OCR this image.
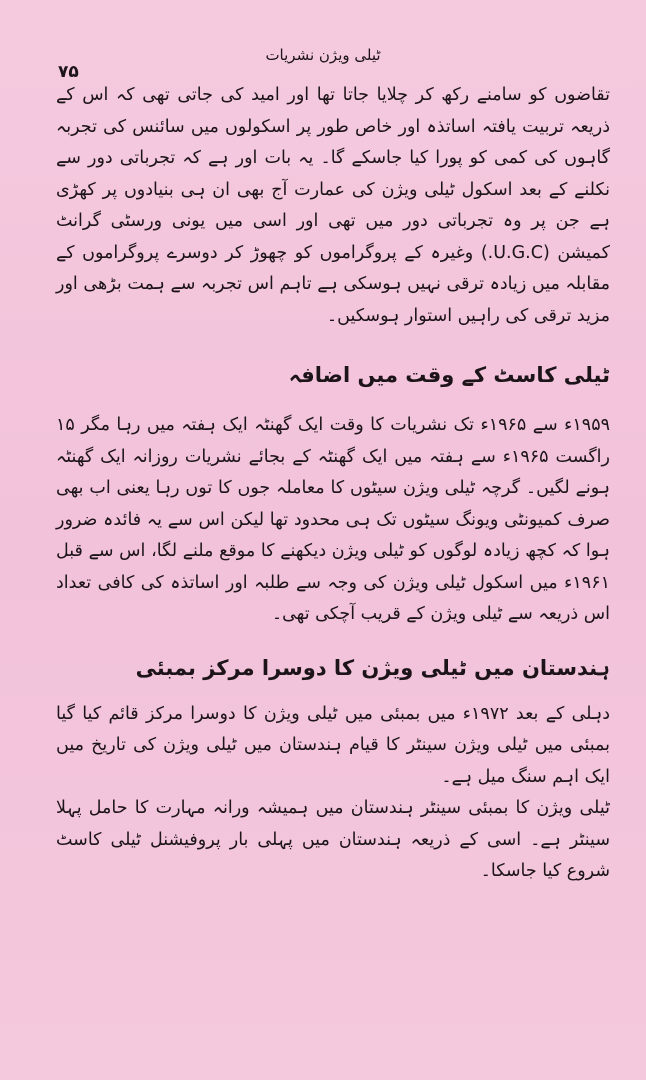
ٹیلی ویژن نشریات
۷۵

تقاضوں کو سامنے رکھ کر چلایا جاتا تھا اور امید کی جاتی تھی کہ اس کے ذریعہ تربیت یافتہ اساتذہ اور خاص طور پر اسکولوں میں سائنس کی تجربہ گاہوں کی کمی کو پورا کیا جاسکے گا۔ یہ بات اور ہے کہ تجرباتی دور سے نکلنے کے بعد اسکول ٹیلی ویژن کی عمارت آج بھی ان ہی بنیادوں پر کھڑی ہے جن پر وہ تجرباتی دور میں تھی اور اسی میں یونی ورسٹی گرانٹ کمیشن (U.G.C.) وغیرہ کے پروگراموں کو چھوڑ کر دوسرے پروگراموں کے مقابلہ میں زیادہ ترقی نہیں ہوسکی ہے تاہم اس تجربہ سے ہمت بڑھی اور مزید ترقی کی راہیں استوار ہوسکیں۔

ٹیلی کاسٹ کے وقت میں اضافہ

۱۹۵۹ء سے ۱۹۶۵ء تک نشریات کا وقت ایک گھنٹہ ایک ہفتہ میں رہا مگر ۱۵ راگست ۱۹۶۵ء سے ہفتہ میں ایک گھنٹہ کے بجائے نشریات روزانہ ایک گھنٹہ ہونے لگیں۔ گرچہ ٹیلی ویژن سیٹوں کا معاملہ جوں کا توں رہا یعنی اب بھی صرف کمیونٹی ویونگ سیٹوں تک ہی محدود تھا لیکن اس سے یہ فائدہ ضرور ہوا کہ کچھ زیادہ لوگوں کو ٹیلی ویژن دیکھنے کا موقع ملنے لگا، اس سے قبل ۱۹۶۱ء میں اسکول ٹیلی ویژن کی وجہ سے طلبہ اور اساتذہ کی کافی تعداد اس ذریعہ سے ٹیلی ویژن کے قریب آچکی تھی۔

ہندستان میں ٹیلی ویژن کا دوسرا مرکز بمبئی

دہلی کے بعد ۱۹۷۲ء میں بمبئی میں ٹیلی ویژن کا دوسرا مرکز قائم کیا گیا بمبئی میں ٹیلی ویژن سینٹر کا قیام ہندستان میں ٹیلی ویژن کی تاریخ میں ایک اہم سنگ میل ہے۔

ٹیلی ویژن کا بمبئی سینٹر ہندستان میں ہمیشہ ورانہ مہارت کا حامل پہلا سینٹر ہے۔ اسی کے ذریعہ ہندستان میں پہلی بار پروفیشنل ٹیلی کاسٹ شروع کیا جاسکا۔
